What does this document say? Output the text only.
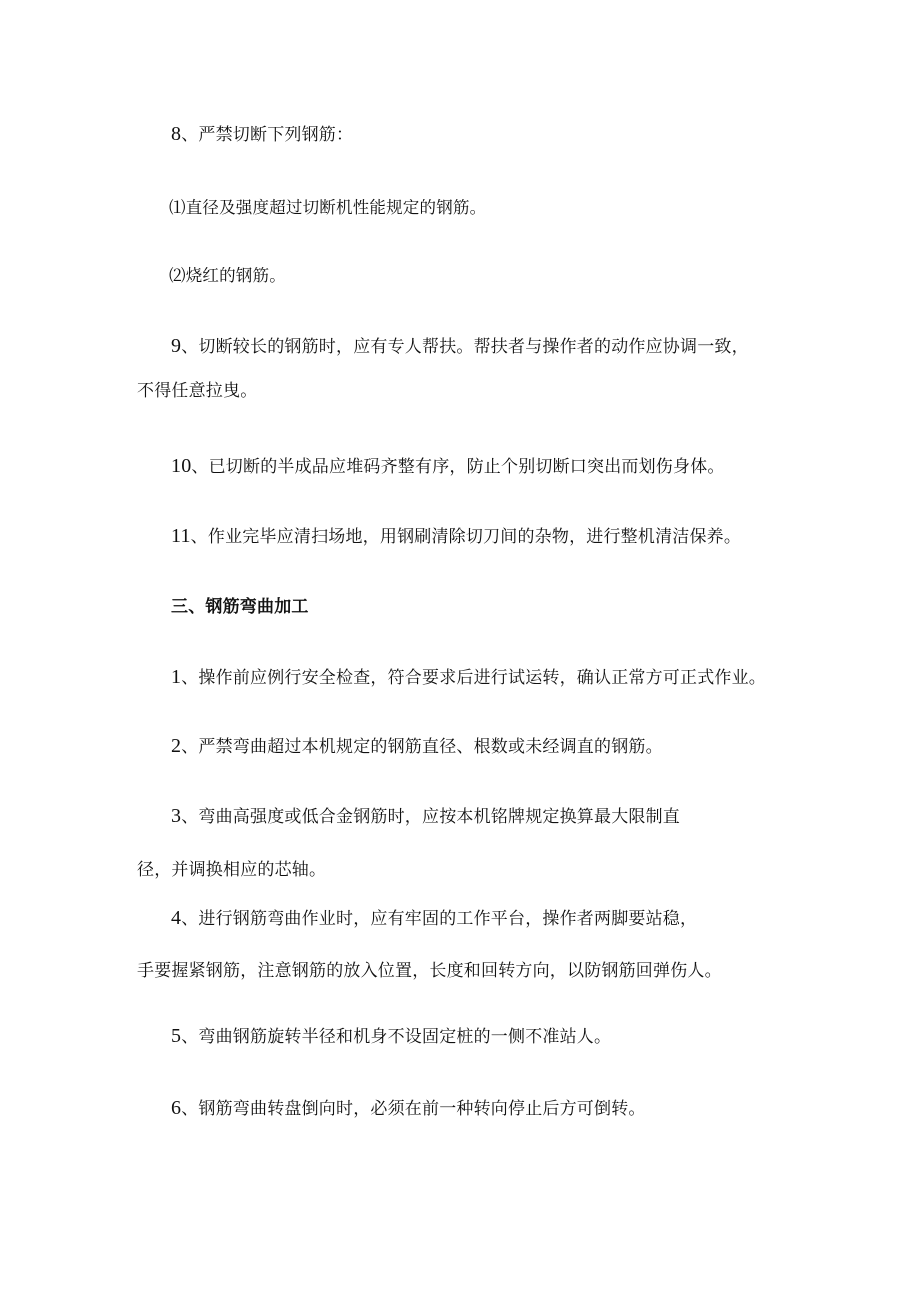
8、严禁切断下列钢筋：
⑴直径及强度超过切断机性能规定的钢筋。
⑵烧红的钢筋。
9、切断较长的钢筋时，应有专人帮扶。帮扶者与操作者的动作应协调一致，
不得任意拉曳。
10、已切断的半成品应堆码齐整有序，防止个别切断口突出而划伤身体。
11、作业完毕应清扫场地，用钢刷清除切刀间的杂物，进行整机清洁保养。
三、钢筋弯曲加工
1、操作前应例行安全检查，符合要求后进行试运转，确认正常方可正式作业。
2、严禁弯曲超过本机规定的钢筋直径、根数或未经调直的钢筋。
3、弯曲高强度或低合金钢筋时，应按本机铭牌规定换算最大限制直
径，并调换相应的芯轴。
4、进行钢筋弯曲作业时，应有牢固的工作平台，操作者两脚要站稳，
手要握紧钢筋，注意钢筋的放入位置，长度和回转方向，以防钢筋回弹伤人。
5、弯曲钢筋旋转半径和机身不设固定桩的一侧不准站人。
6、钢筋弯曲转盘倒向时，必须在前一种转向停止后方可倒转。
